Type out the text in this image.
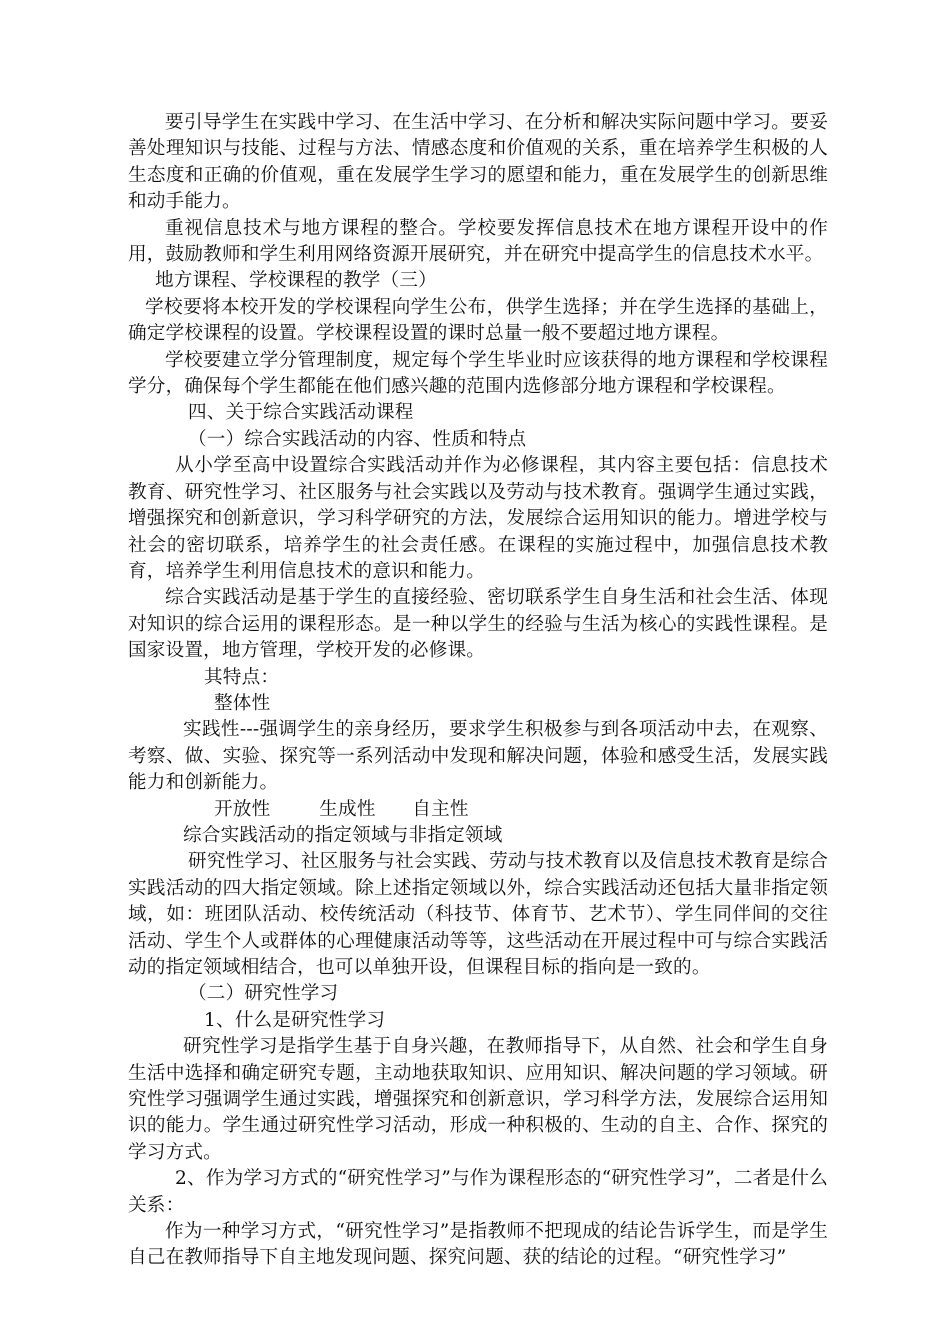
要引导学生在实践中学习、在生活中学习、在分析和解决实际问题中学习。要妥善处理知识与技能、过程与方法、情感态度和价值观的关系，重在培养学生积极的人生态度和正确的价值观，重在发展学生学习的愿望和能力，重在发展学生的创新思维和动手能力。

重视信息技术与地方课程的整合。学校要发挥信息技术在地方课程开设中的作用，鼓励教师和学生利用网络资源开展研究，并在研究中提高学生的信息技术水平。

地方课程、学校课程的教学（三）

学校要将本校开发的学校课程向学生公布，供学生选择；并在学生选择的基础上，确定学校课程的设置。学校课程设置的课时总量一般不要超过地方课程。

学校要建立学分管理制度，规定每个学生毕业时应该获得的地方课程和学校课程学分，确保每个学生都能在他们感兴趣的范围内选修部分地方课程和学校课程。

四、关于综合实践活动课程

（一）综合实践活动的内容、性质和特点

从小学至高中设置综合实践活动并作为必修课程，其内容主要包括：信息技术教育、研究性学习、社区服务与社会实践以及劳动与技术教育。强调学生通过实践，增强探究和创新意识，学习科学研究的方法，发展综合运用知识的能力。增进学校与社会的密切联系，培养学生的社会责任感。在课程的实施过程中，加强信息技术教育，培养学生利用信息技术的意识和能力。

综合实践活动是基于学生的直接经验、密切联系学生自身生活和社会生活、体现对知识的综合运用的课程形态。是一种以学生的经验与生活为核心的实践性课程。是国家设置，地方管理，学校开发的必修课。

其特点：

整体性

实践性---强调学生的亲身经历，要求学生积极参与到各项活动中去，在观察、考察、做、实验、探究等一系列活动中发现和解决问题，体验和感受生活，发展实践能力和创新能力。

开放性        生成性      自主性

综合实践活动的指定领域与非指定领域

研究性学习、社区服务与社会实践、劳动与技术教育以及信息技术教育是综合实践活动的四大指定领域。除上述指定领域以外，综合实践活动还包括大量非指定领域，如：班团队活动、校传统活动（科技节、体育节、艺术节）、学生同伴间的交往活动、学生个人或群体的心理健康活动等等，这些活动在开展过程中可与综合实践活动的指定领域相结合，也可以单独开设，但课程目标的指向是一致的。

（二）研究性学习

1、什么是研究性学习

研究性学习是指学生基于自身兴趣，在教师指导下，从自然、社会和学生自身生活中选择和确定研究专题，主动地获取知识、应用知识、解决问题的学习领域。研究性学习强调学生通过实践，增强探究和创新意识，学习科学方法，发展综合运用知识的能力。学生通过研究性学习活动，形成一种积极的、生动的自主、合作、探究的学习方式。

2、作为学习方式的“研究性学习”与作为课程形态的“研究性学习”，二者是什么关系：

作为一种学习方式，“研究性学习”是指教师不把现成的结论告诉学生，而是学生自己在教师指导下自主地发现问题、探究问题、获的结论的过程。“研究性学习”
